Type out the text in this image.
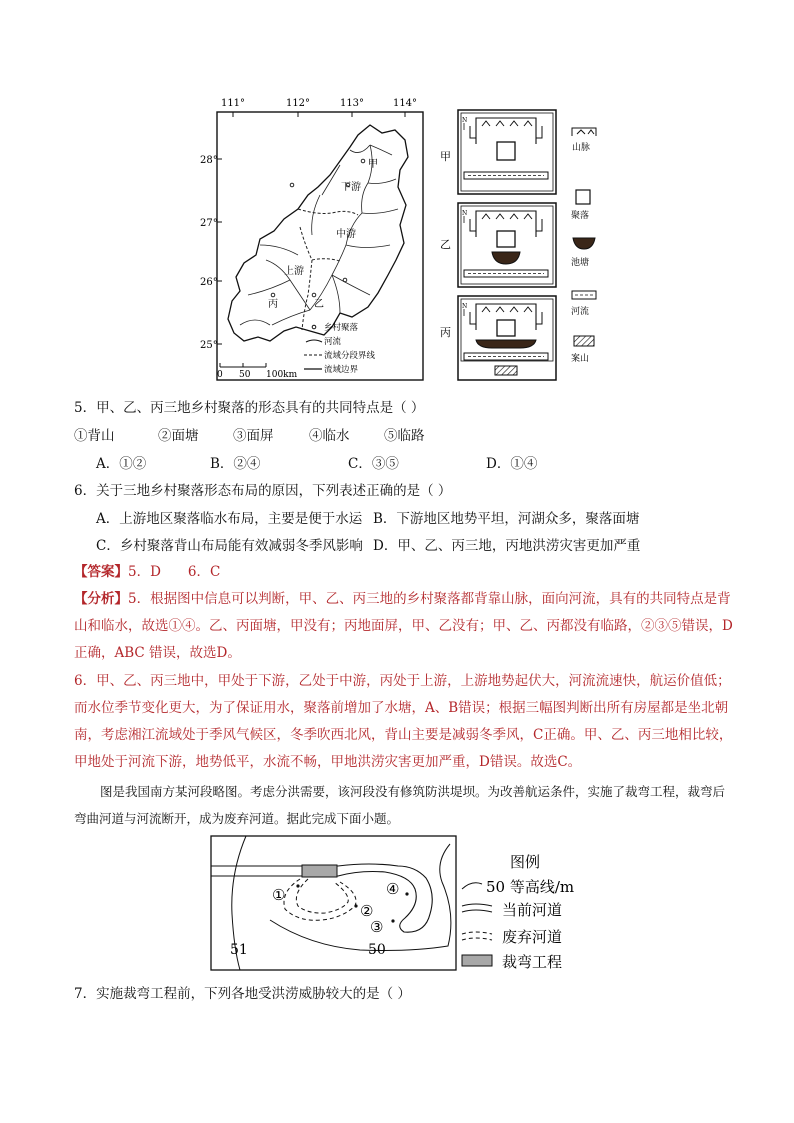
111°	112°	113°	114°
28°
27°
26°
25°
甲
乙
丙
下游
中游
上游
0 50 100km
乡村聚落
河流
流域分段界线
流域边界
甲
乙
丙
N
N
N
山脉
聚落
池塘
河流
案山
5．甲、乙、丙三地乡村聚落的形态具有的共同特点是（ ）
①背山	②面塘	③面屏	④临水	⑤临路
A．①②	B．②④	C．③⑤	D．①④
6．关于三地乡村聚落形态布局的原因，下列表述正确的是（ ）
A．上游地区聚落临水布局，主要是便于水运 B．下游地区地势平坦，河湖众多，聚落面塘
C．乡村聚落背山布局能有效减弱冬季风影响 D．甲、乙、丙三地，丙地洪涝灾害更加严重
【答案】5．D　　6．C
【分析】5．根据图中信息可以判断，甲、乙、丙三地的乡村聚落都背靠山脉，面向河流，具有的共同特点是背山和临水，故选①④。乙、丙面塘，甲没有；丙地面屏，甲、乙没有；甲、乙、丙都没有临路，②③⑤错误，D正确，ABC 错误，故选D。
6．甲、乙、丙三地中，甲处于下游，乙处于中游，丙处于上游，上游地势起伏大，河流流速快，航运价值低；而水位季节变化更大，为了保证用水，聚落前增加了水塘，A、B错误；根据三幅图判断出所有房屋都是坐北朝南，考虑湘江流域处于季风气候区，冬季吹西北风，背山主要是减弱冬季风，C正确。甲、乙、丙三地相比较，甲地处于河流下游，地势低平，水流不畅，甲地洪涝灾害更加严重，D错误。故选C。
图是我国南方某河段略图。考虑分洪需要，该河段没有修筑防洪堤坝。为改善航运条件，实施了裁弯工程，裁弯后弯曲河道与河流断开，成为废弃河道。据此完成下面小题。
51	50
①
②
③
④
图例
50 等高线/m
当前河道
废弃河道
裁弯工程
7．实施裁弯工程前，下列各地受洪涝威胁较大的是（ ）
